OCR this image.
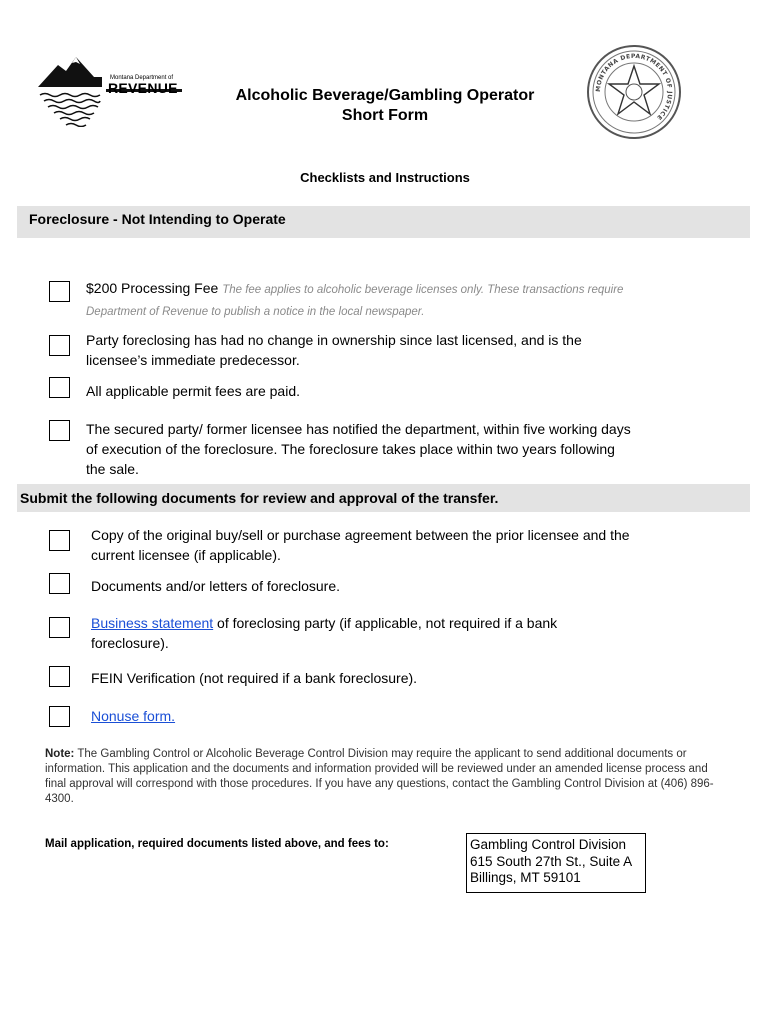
Montana Department of
REVENUE	Alcoholic Beverage/Gambling Operator
Short Form
MONTANA DEPARTMENT OF JUSTICE
Checklists and Instructions
Foreclosure - Not Intending to Operate
$200 Processing Fee The fee applies to alcoholic beverage licenses only. These transactions require
Department of Revenue to publish a notice in the local newspaper.
Party foreclosing has had no change in ownership since last licensed, and is the
licensee’s immediate predecessor.
All applicable permit fees are paid.
The secured party/ former licensee has notified the department, within five working days
of execution of the foreclosure. The foreclosure takes place within two years following
the sale.
Submit the following documents for review and approval of the transfer.
Copy of the original buy/sell or purchase agreement between the prior licensee and the
current licensee (if applicable).
Documents and/or letters of foreclosure.
Business statement of foreclosing party (if applicable, not required if a bank
foreclosure).
FEIN Verification (not required if a bank foreclosure).
Nonuse form.
Note: The Gambling Control or Alcoholic Beverage Control Division may require the applicant to send additional documents or information. This application and the documents and information provided will be reviewed under an amended license process and final approval will correspond with those procedures. If you have any questions, contact the Gambling Control Division at (406) 896-4300.
Mail application, required documents listed above, and fees to:	Gambling Control Division
615 South 27th St., Suite A
Billings, MT 59101
